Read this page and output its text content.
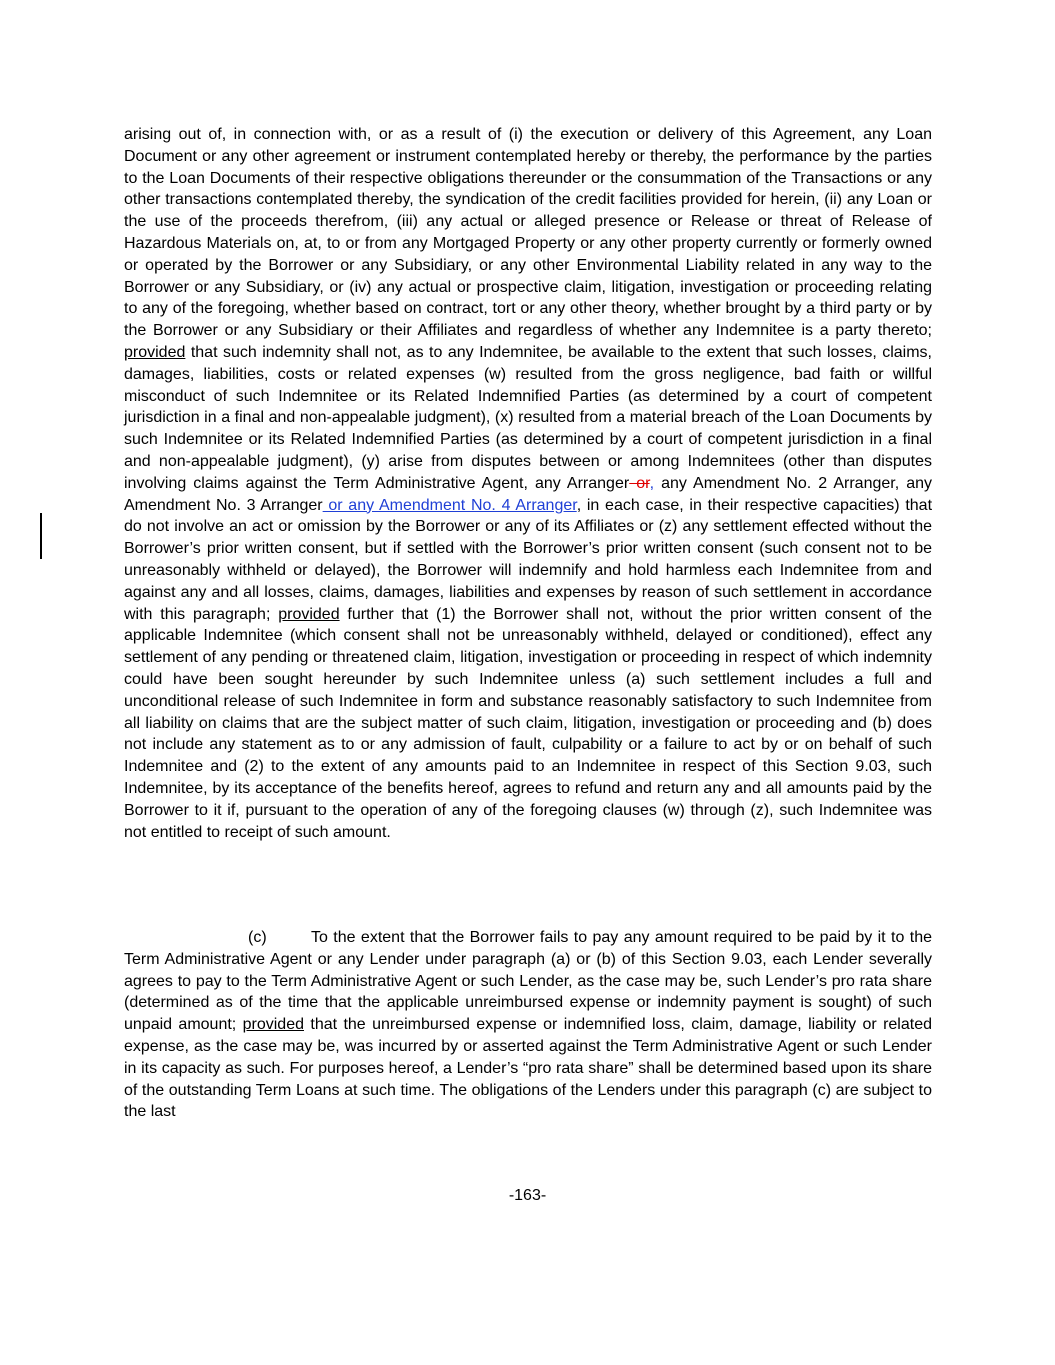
arising out of, in connection with, or as a result of (i) the execution or delivery of this Agreement, any Loan Document or any other agreement or instrument contemplated hereby or thereby, the performance by the parties to the Loan Documents of their respective obligations thereunder or the consummation of the Transactions or any other transactions contemplated thereby, the syndication of the credit facilities provided for herein, (ii) any Loan or the use of the proceeds therefrom, (iii) any actual or alleged presence or Release or threat of Release of Hazardous Materials on, at, to or from any Mortgaged Property or any other property currently or formerly owned or operated by the Borrower or any Subsidiary, or any other Environmental Liability related in any way to the Borrower or any Subsidiary, or (iv) any actual or prospective claim, litigation, investigation or proceeding relating to any of the foregoing, whether based on contract, tort or any other theory, whether brought by a third party or by the Borrower or any Subsidiary or their Affiliates and regardless of whether any Indemnitee is a party thereto; provided that such indemnity shall not, as to any Indemnitee, be available to the extent that such losses, claims, damages, liabilities, costs or related expenses (w) resulted from the gross negligence, bad faith or willful misconduct of such Indemnitee or its Related Indemnified Parties (as determined by a court of competent jurisdiction in a final and non-appealable judgment), (x) resulted from a material breach of the Loan Documents by such Indemnitee or its Related Indemnified Parties (as determined by a court of competent jurisdiction in a final and non-appealable judgment), (y) arise from disputes between or among Indemnitees (other than disputes involving claims against the Term Administrative Agent, any Arranger or, any Amendment No. 2 Arranger, any Amendment No. 3 Arranger or any Amendment No. 4 Arranger, in each case, in their respective capacities) that do not involve an act or omission by the Borrower or any of its Affiliates or (z) any settlement effected without the Borrower’s prior written consent, but if settled with the Borrower’s prior written consent (such consent not to be unreasonably withheld or delayed), the Borrower will indemnify and hold harmless each Indemnitee from and against any and all losses, claims, damages, liabilities and expenses by reason of such settlement in accordance with this paragraph; provided further that (1) the Borrower shall not, without the prior written consent of the applicable Indemnitee (which consent shall not be unreasonably withheld, delayed or conditioned), effect any settlement of any pending or threatened claim, litigation, investigation or proceeding in respect of which indemnity could have been sought hereunder by such Indemnitee unless (a) such settlement includes a full and unconditional release of such Indemnitee in form and substance reasonably satisfactory to such Indemnitee from all liability on claims that are the subject matter of such claim, litigation, investigation or proceeding and (b) does not include any statement as to or any admission of fault, culpability or a failure to act by or on behalf of such Indemnitee and (2) to the extent of any amounts paid to an Indemnitee in respect of this Section 9.03, such Indemnitee, by its acceptance of the benefits hereof, agrees to refund and return any and all amounts paid by the Borrower to it if, pursuant to the operation of any of the foregoing clauses (w) through (z), such Indemnitee was not entitled to receipt of such amount.

(c)	To the extent that the Borrower fails to pay any amount required to be paid by it to the Term Administrative Agent or any Lender under paragraph (a) or (b) of this Section 9.03, each Lender severally agrees to pay to the Term Administrative Agent or such Lender, as the case may be, such Lender’s pro rata share (determined as of the time that the applicable unreimbursed expense or indemnity payment is sought) of such unpaid amount; provided that the unreimbursed expense or indemnified loss, claim, damage, liability or related expense, as the case may be, was incurred by or asserted against the Term Administrative Agent or such Lender in its capacity as such. For purposes hereof, a Lender’s “pro rata share” shall be determined based upon its share of the outstanding Term Loans at such time. The obligations of the Lenders under this paragraph (c) are subject to the last

-163-
